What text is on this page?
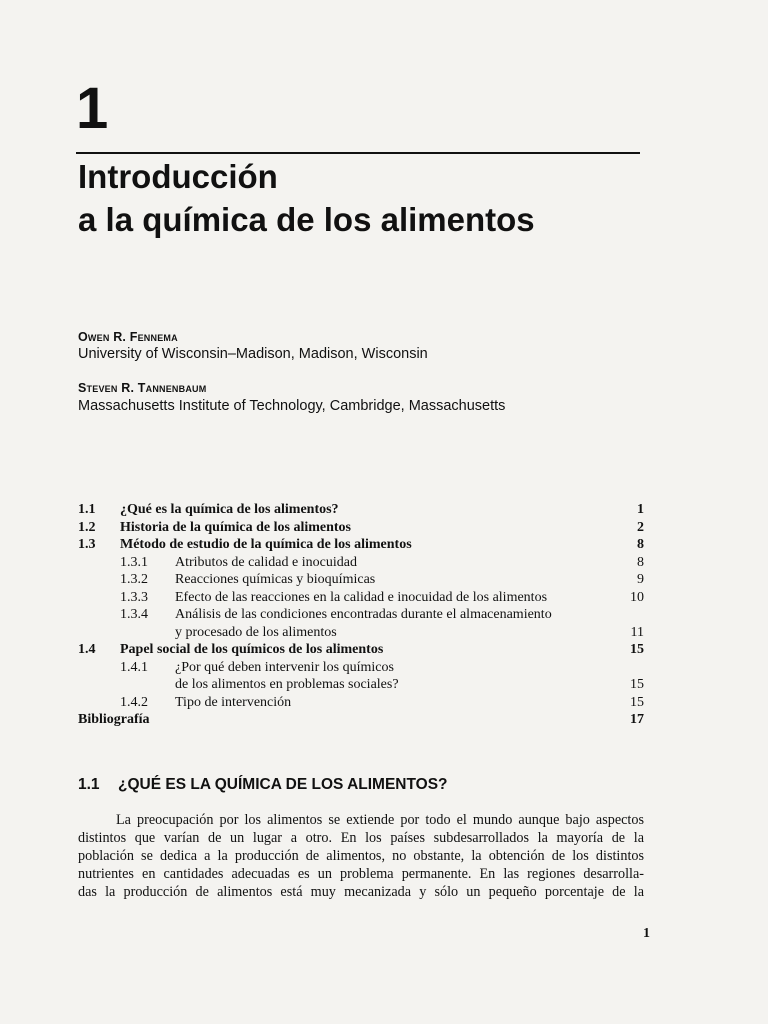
1
Introducción
a la química de los alimentos
Owen R. Fennema
University of Wisconsin–Madison, Madison, Wisconsin
Steven R. Tannenbaum
Massachusetts Institute of Technology, Cambridge, Massachusetts
1.1 ¿Qué es la química de los alimentos?	1
1.2 Historia de la química de los alimentos	2
1.3 Método de estudio de la química de los alimentos	8
1.3.1 Atributos de calidad e inocuidad	8
1.3.2 Reacciones químicas y bioquímicas	9
1.3.3 Efecto de las reacciones en la calidad e inocuidad de los alimentos	10
1.3.4 Análisis de las condiciones encontradas durante el almacenamiento
y procesado de los alimentos	11
1.4 Papel social de los químicos de los alimentos	15
1.4.1 ¿Por qué deben intervenir los químicos
de los alimentos en problemas sociales?	15
1.4.2 Tipo de intervención	15
Bibliografía	17
1.1 ¿QUÉ ES LA QUÍMICA DE LOS ALIMENTOS?

La preocupación por los alimentos se extiende por todo el mundo aunque bajo aspectos
distintos que varían de un lugar a otro. En los países subdesarrollados la mayoría de la
población se dedica a la producción de alimentos, no obstante, la obtención de los distintos
nutrientes en cantidades adecuadas es un problema permanente. En las regiones desarrolla-
das la producción de alimentos está muy mecanizada y sólo un pequeño porcentaje de la

1
